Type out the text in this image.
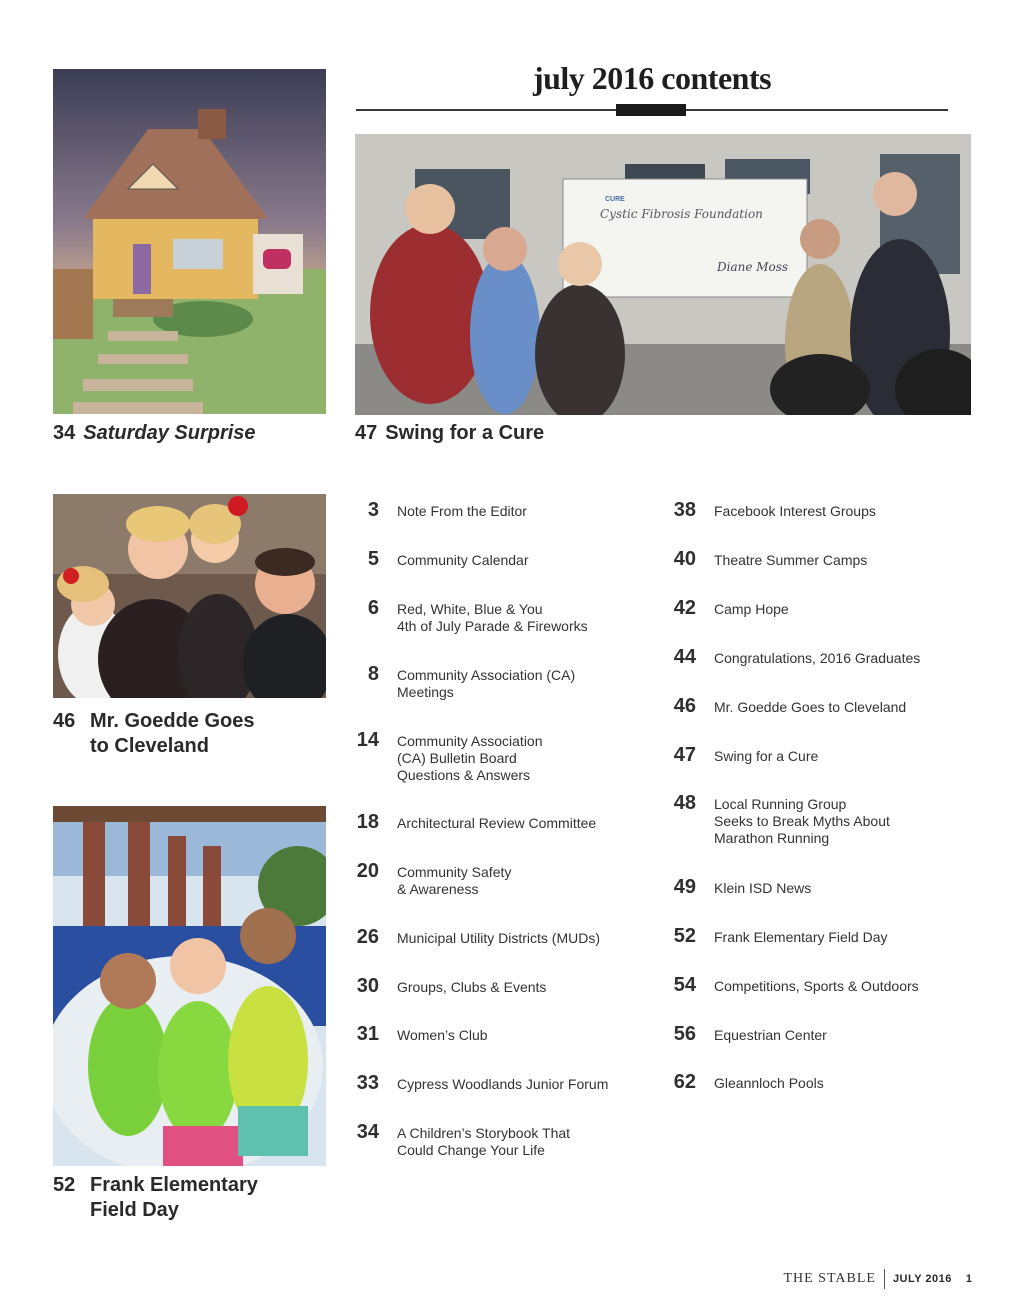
july 2016 contents
Cystic Fibrosis Foundation
CURE
Diane Moss
34 Saturday Surprise	47 Swing for a Cure
46 Mr. Goedde Goes
to Cleveland
52 Frank Elementary
Field Day
3 Note From the Editor
5 Community Calendar
6 Red, White, Blue & You
4th of July Parade & Fireworks
8 Community Association (CA)
Meetings
14 Community Association
(CA) Bulletin Board
Questions & Answers
18 Architectural Review Committee
20 Community Safety
& Awareness
26 Municipal Utility Districts (MUDs)
30 Groups, Clubs & Events
31 Women’s Club
33 Cypress Woodlands Junior Forum
34 A Children’s Storybook That
Could Change Your Life
38 Facebook Interest Groups
40 Theatre Summer Camps
42 Camp Hope
44 Congratulations, 2016 Graduates
46 Mr. Goedde Goes to Cleveland
47 Swing for a Cure
48 Local Running Group
Seeks to Break Myths About
Marathon Running
49 Klein ISD News
52 Frank Elementary Field Day
54 Competitions, Sports & Outdoors
56 Equestrian Center
62 Gleannloch Pools
THE STABLE JULY 2016 1
